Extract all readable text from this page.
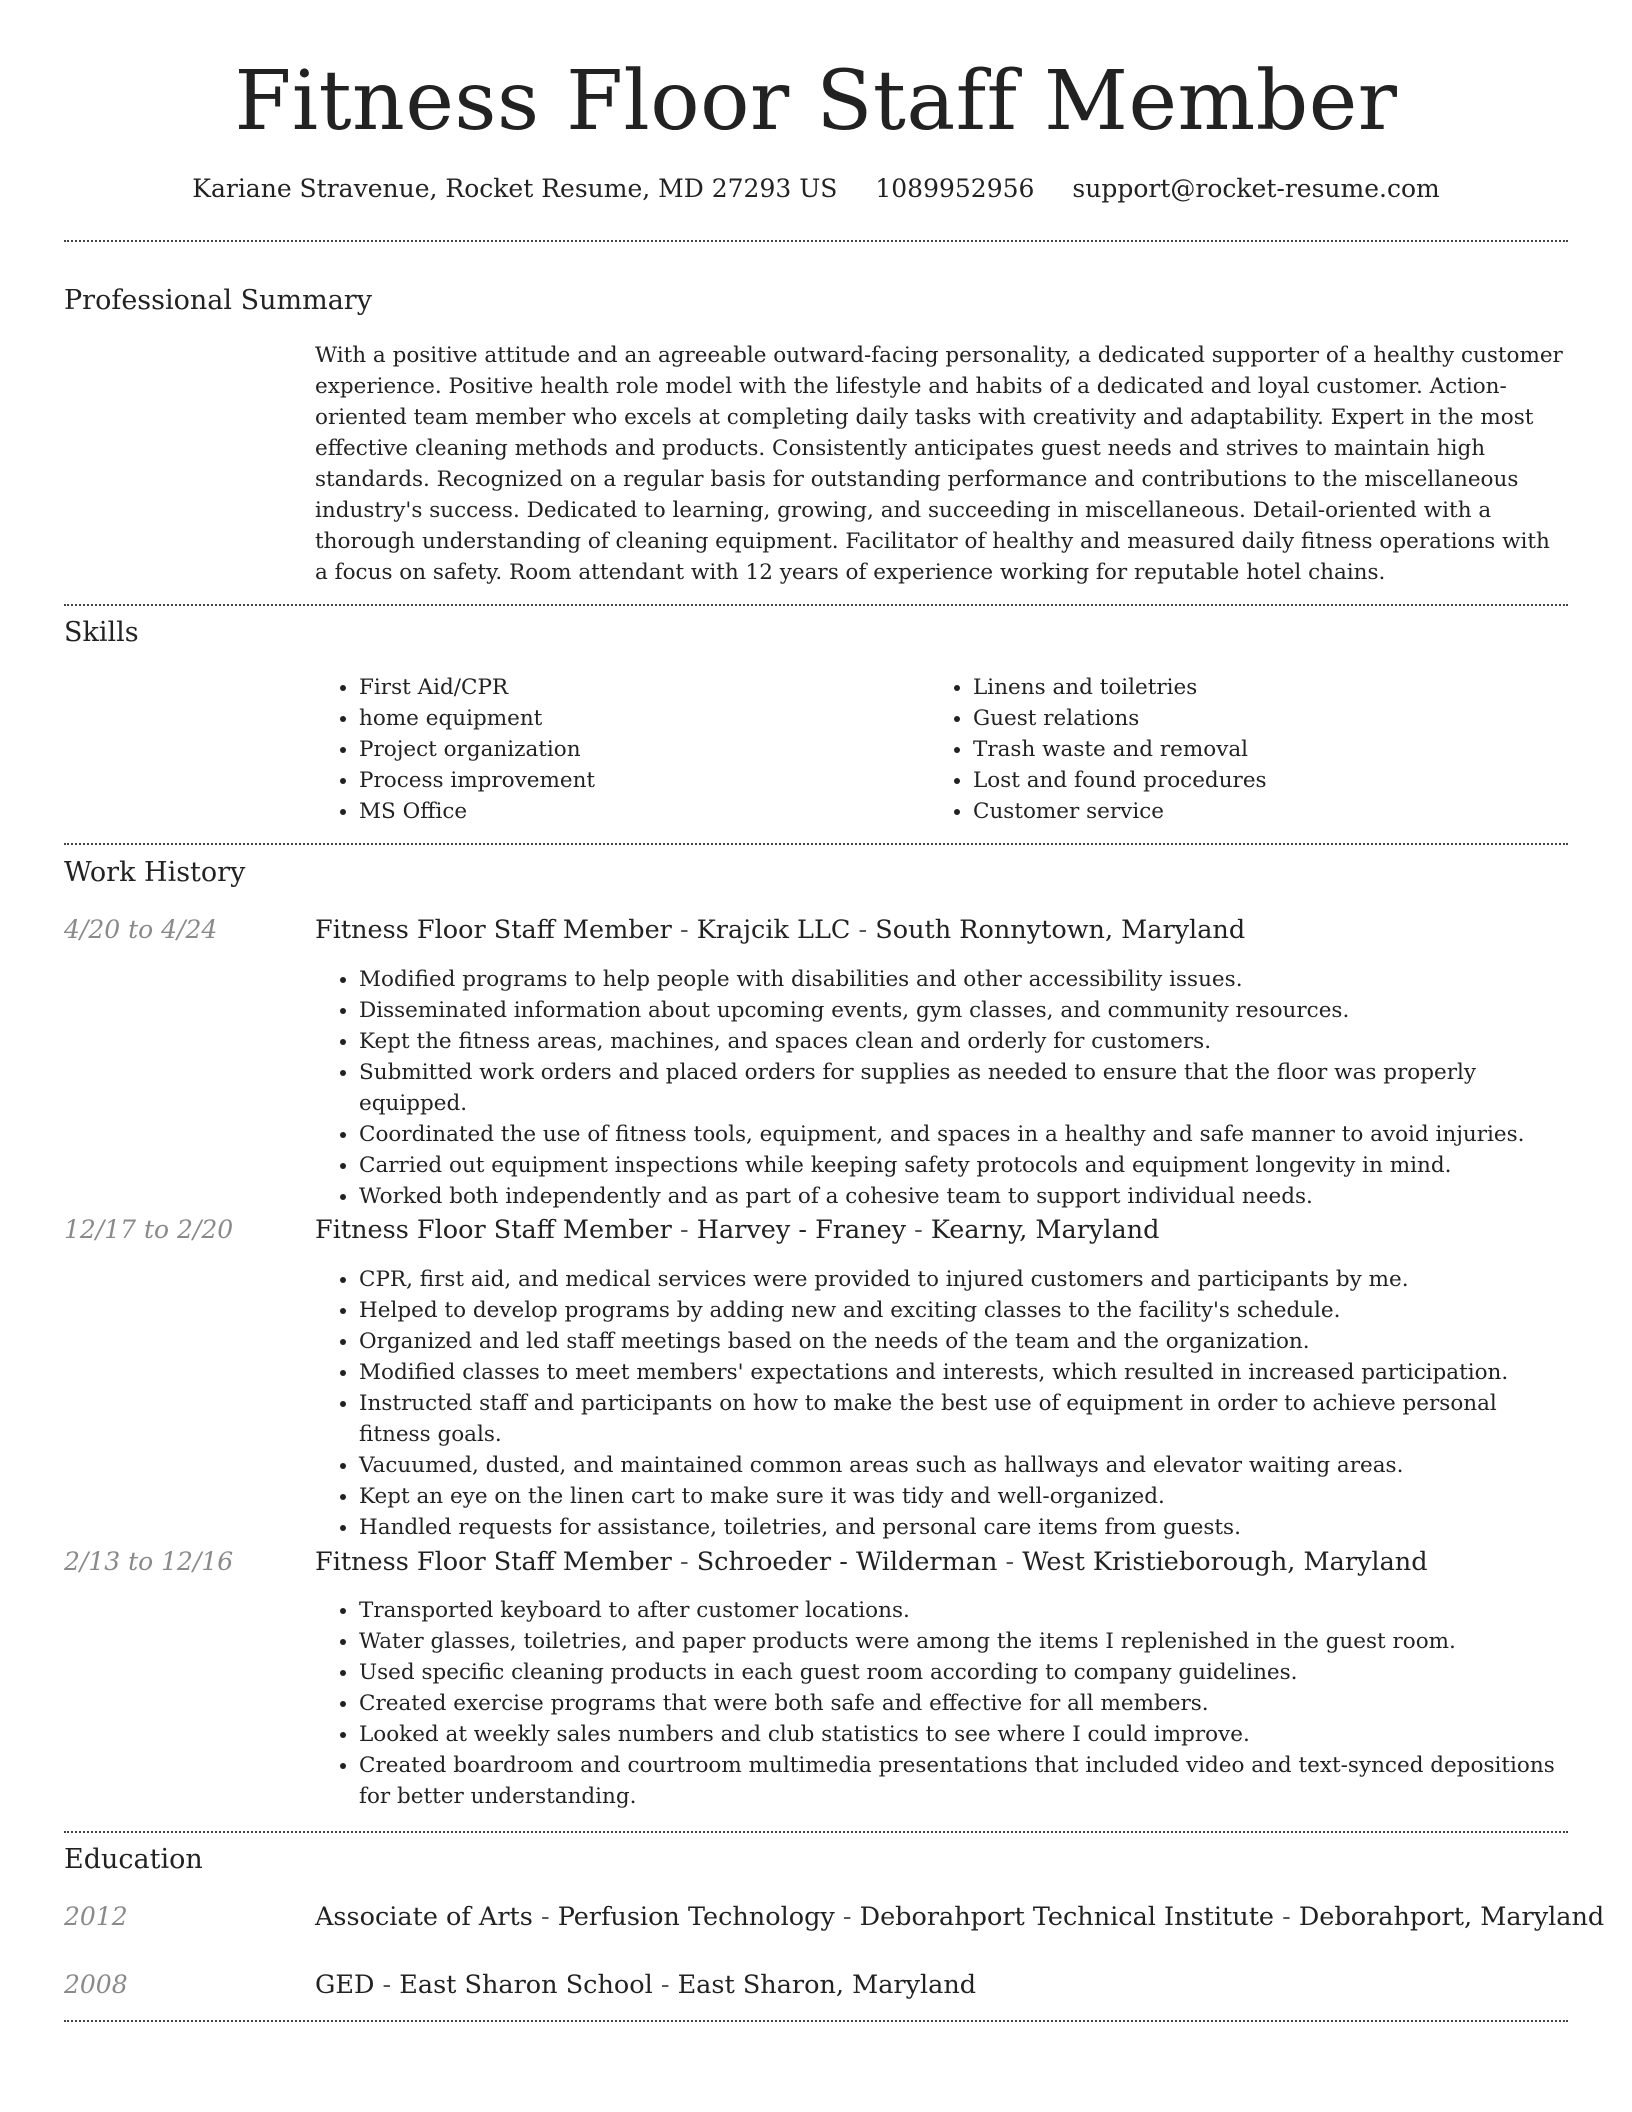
Fitness Floor Staff Member
Kariane Stravenue, Rocket Resume, MD 27293 US 1089952956 support@rocket-resume.com
Professional Summary

With a positive attitude and an agreeable outward-facing personality, a dedicated supporter of a healthy customer experience. Positive health role model with the lifestyle and habits of a dedicated and loyal customer. Action-oriented team member who excels at completing daily tasks with creativity and adaptability. Expert in the most effective cleaning methods and products. Consistently anticipates guest needs and strives to maintain high standards. Recognized on a regular basis for outstanding performance and contributions to the miscellaneous industry's success. Dedicated to learning, growing, and succeeding in miscellaneous. Detail-oriented with a thorough understanding of cleaning equipment. Facilitator of healthy and measured daily fitness operations with a focus on safety. Room attendant with 12 years of experience working for reputable hotel chains.

Skills
• First Aid/CPR
• home equipment
• Project organization
• Process improvement
• MS Office
• Linens and toiletries
• Guest relations
• Trash waste and removal
• Lost and found procedures
• Customer service
Work History
4/20 to 4/24	Fitness Floor Staff Member - Krajcik LLC - South Ronnytown, Maryland
• Modified programs to help people with disabilities and other accessibility issues.
• Disseminated information about upcoming events, gym classes, and community resources.
• Kept the fitness areas, machines, and spaces clean and orderly for customers.
• Submitted work orders and placed orders for supplies as needed to ensure that the floor was properly equipped.
• Coordinated the use of fitness tools, equipment, and spaces in a healthy and safe manner to avoid injuries.
• Carried out equipment inspections while keeping safety protocols and equipment longevity in mind.
• Worked both independently and as part of a cohesive team to support individual needs.
12/17 to 2/20	Fitness Floor Staff Member - Harvey - Franey - Kearny, Maryland
• CPR, first aid, and medical services were provided to injured customers and participants by me.
• Helped to develop programs by adding new and exciting classes to the facility's schedule.
• Organized and led staff meetings based on the needs of the team and the organization.
• Modified classes to meet members' expectations and interests, which resulted in increased participation.
• Instructed staff and participants on how to make the best use of equipment in order to achieve personal fitness goals.
• Vacuumed, dusted, and maintained common areas such as hallways and elevator waiting areas.
• Kept an eye on the linen cart to make sure it was tidy and well-organized.
• Handled requests for assistance, toiletries, and personal care items from guests.
2/13 to 12/16	Fitness Floor Staff Member - Schroeder - Wilderman - West Kristieborough, Maryland
• Transported keyboard to after customer locations.
• Water glasses, toiletries, and paper products were among the items I replenished in the guest room.
• Used specific cleaning products in each guest room according to company guidelines.
• Created exercise programs that were both safe and effective for all members.
• Looked at weekly sales numbers and club statistics to see where I could improve.
• Created boardroom and courtroom multimedia presentations that included video and text-synced depositions for better understanding.
Education
2012	Associate of Arts - Perfusion Technology - Deborahport Technical Institute - Deborahport, Maryland
2008	GED - East Sharon School - East Sharon, Maryland
